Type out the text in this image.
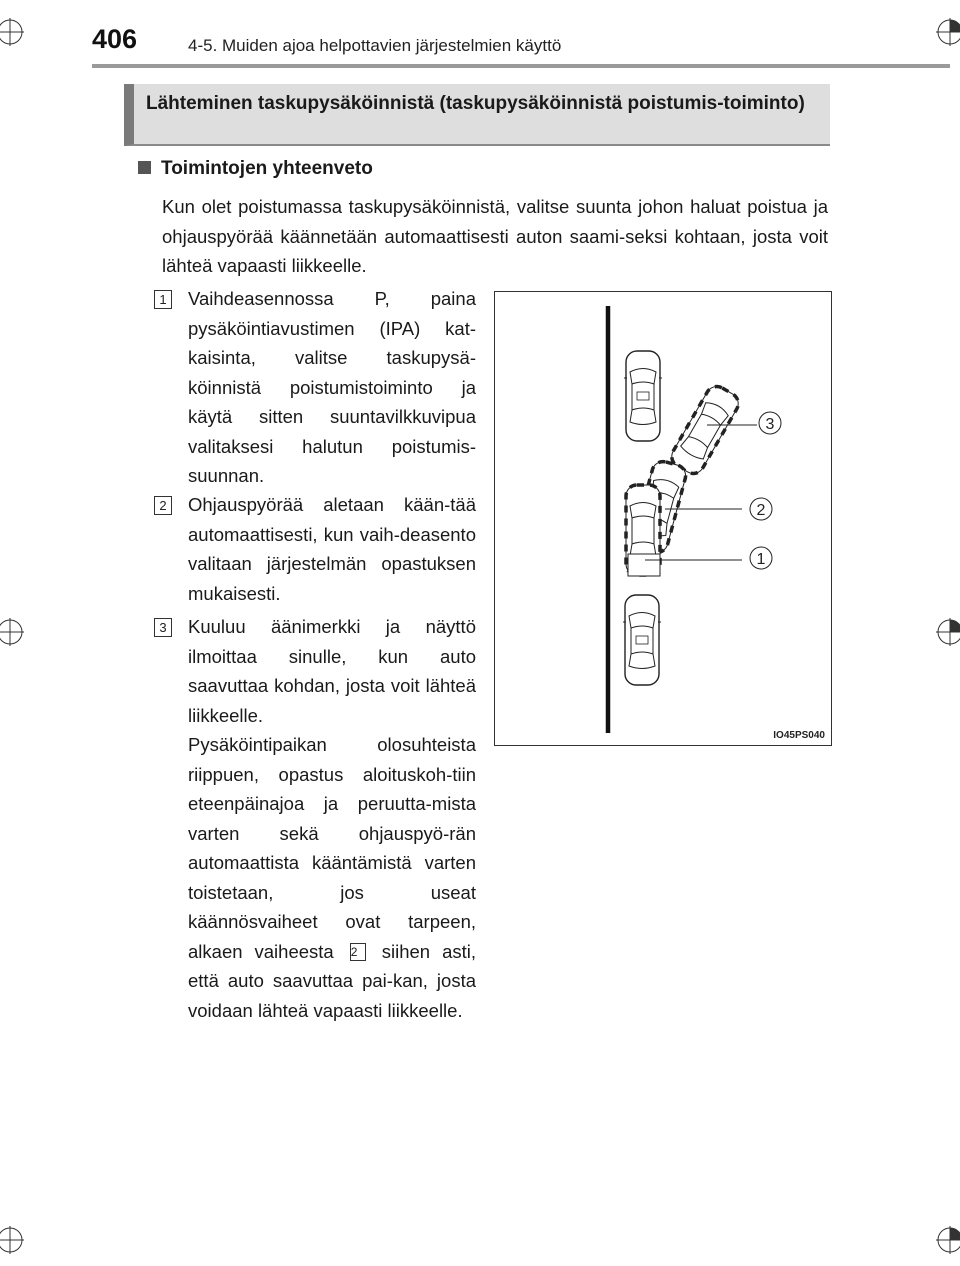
406	4-5. Muiden ajoa helpottavien järjestelmien käyttö
Lähteminen taskupysäköinnistä (taskupysäköinnistä poistumis-toiminto)
Toimintojen yhteenveto
Kun olet poistumassa taskupysäköinnistä, valitse suunta johon haluat poistua ja ohjauspyörää käännetään automaattisesti auton saami-seksi kohtaan, josta voit lähteä vapaasti liikkeelle.
1 Vaihdeasennossa P, paina pysäköintiavustimen (IPA) kat-kaisinta, valitse taskupysä-köinnistä poistumistoiminto ja käytä sitten suuntavilkkuvipua valitaksesi halutun poistumis-suunnan.
2 Ohjauspyörää aletaan kään-tää automaattisesti, kun vaih-deasento valitaan järjestelmän opastuksen mukaisesti.
3 Kuuluu äänimerkki ja näyttö ilmoittaa sinulle, kun auto saavuttaa kohdan, josta voit lähteä liikkeelle.
Pysäköintipaikan olosuhteista riippuen, opastus aloituskoh-tiin eteenpäinajoa ja peruutta-mista varten sekä ohjauspyö-rän automaattista kääntämistä varten toistetaan, jos useat käännösvaiheet ovat tarpeen, alkaen vaiheesta 2 siihen asti, että auto saavuttaa pai-kan, josta voidaan lähteä vapaasti liikkeelle.
3
2
1
IO45PS040
